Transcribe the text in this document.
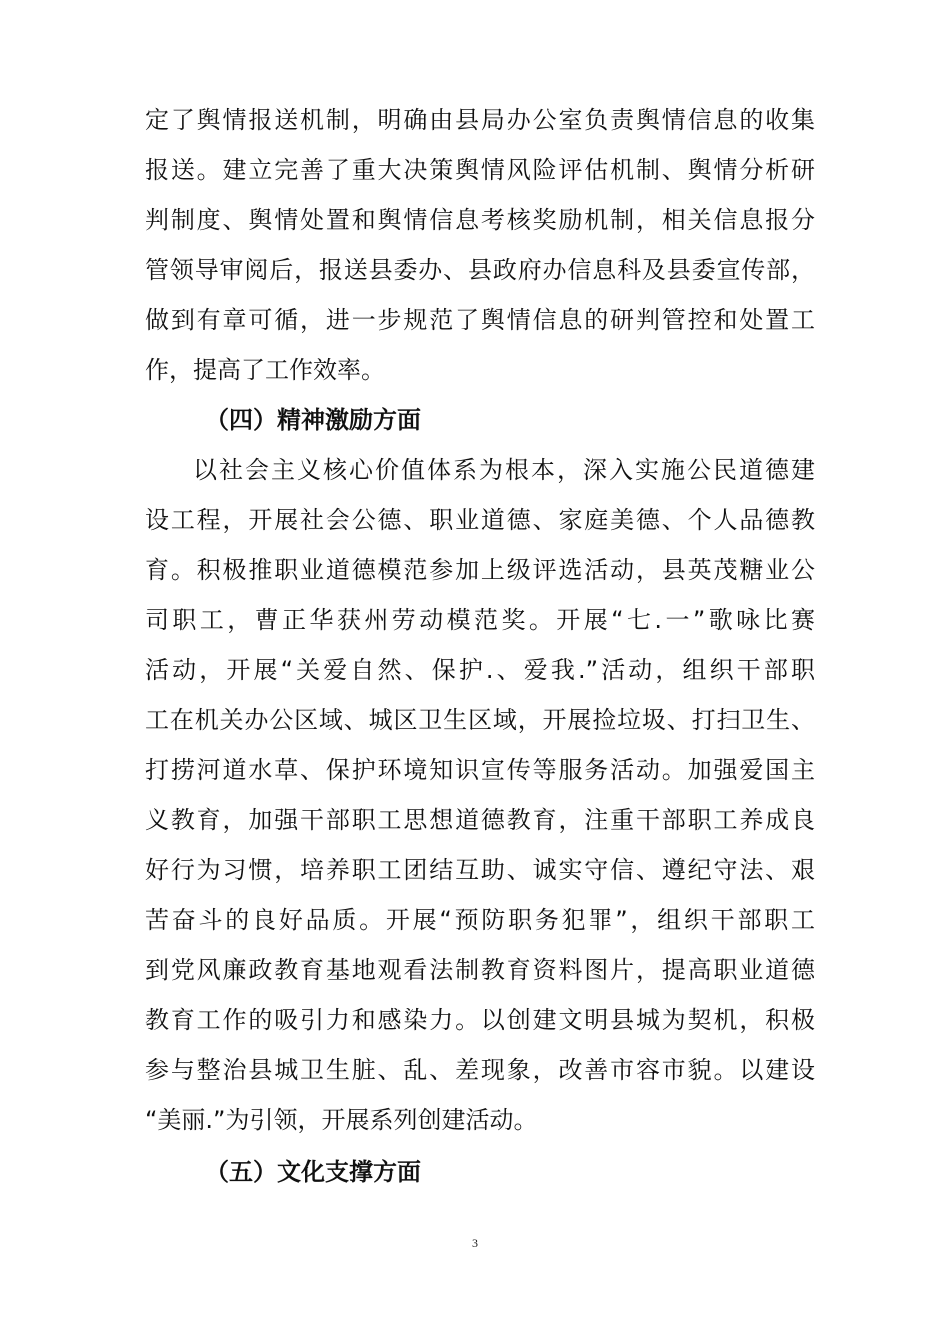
定了舆情报送机制，明确由县局办公室负责舆情信息的收集
报送。建立完善了重大决策舆情风险评估机制、舆情分析研
判制度、舆情处置和舆情信息考核奖励机制，相关信息报分
管领导审阅后，报送县委办、县政府办信息科及县委宣传部，
做到有章可循，进一步规范了舆情信息的研判管控和处置工
作，提高了工作效率。
（四）精神激励方面
以社会主义核心价值体系为根本，深入实施公民道德建
设工程，开展社会公德、职业道德、家庭美德、个人品德教
育。积极推职业道德模范参加上级评选活动，县英茂糖业公
司职工，曹正华获州劳动模范奖。开展“七.一”歌咏比赛
活动，开展“关爱自然、保护.、爱我.”活动，组织干部职
工在机关办公区域、城区卫生区域，开展捡垃圾、打扫卫生、
打捞河道水草、保护环境知识宣传等服务活动。加强爱国主
义教育，加强干部职工思想道德教育，注重干部职工养成良
好行为习惯，培养职工团结互助、诚实守信、遵纪守法、艰
苦奋斗的良好品质。开展“预防职务犯罪”，组织干部职工
到党风廉政教育基地观看法制教育资料图片，提高职业道德
教育工作的吸引力和感染力。以创建文明县城为契机，积极
参与整治县城卫生脏、乱、差现象，改善市容市貌。以建设
“美丽.”为引领，开展系列创建活动。
（五）文化支撑方面
3
